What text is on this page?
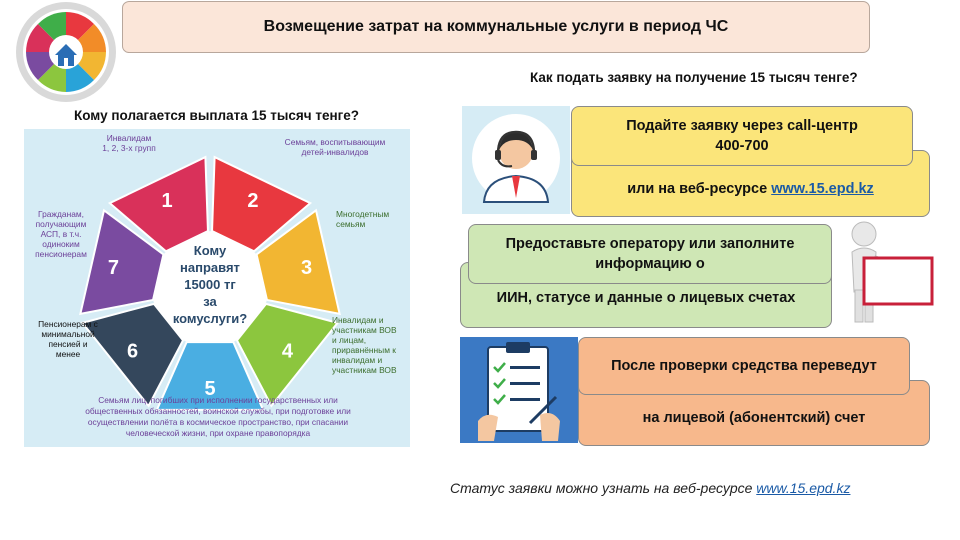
Возмещение затрат на коммунальные услуги в период ЧС
Кому полагается выплата 15 тысяч тенге?
1	2
3
4
5
6
7
Кому
направят
15000 тг
за
комуслуги?
Инвалидам
1, 2, 3-х групп
Семьям, воспитывающим
детей-инвалидов
Многодетным
семьям
Инвалидам и
участникам ВОВ
и лицам,
приравнённым к
инвалидам и
участникам ВОВ
Семьям лиц, погибших при исполнении государственных или
общественных обязанностей, воинской службы, при подготовке или
осуществлении полёта в космическое пространство, при спасании
человеческой жизни, при охране правопорядка
Пенсионерам с
минимальной
пенсией и
менее
Гражданам,
получающим
АСП, в т.ч.
одиноким
пенсионерам
Как подать заявку на получение 15 тысяч тенге?
или на веб-ресурсе www.15.epd.kz
Подайте заявку через call-центр
400-700
ИИН, статусе и данные о лицевых счетах
Предоставьте оператору или заполните
информацию о
на лицевой (абонентский) счет
После проверки средства переведут
Статус заявки можно узнать на веб-ресурсе www.15.epd.kz
